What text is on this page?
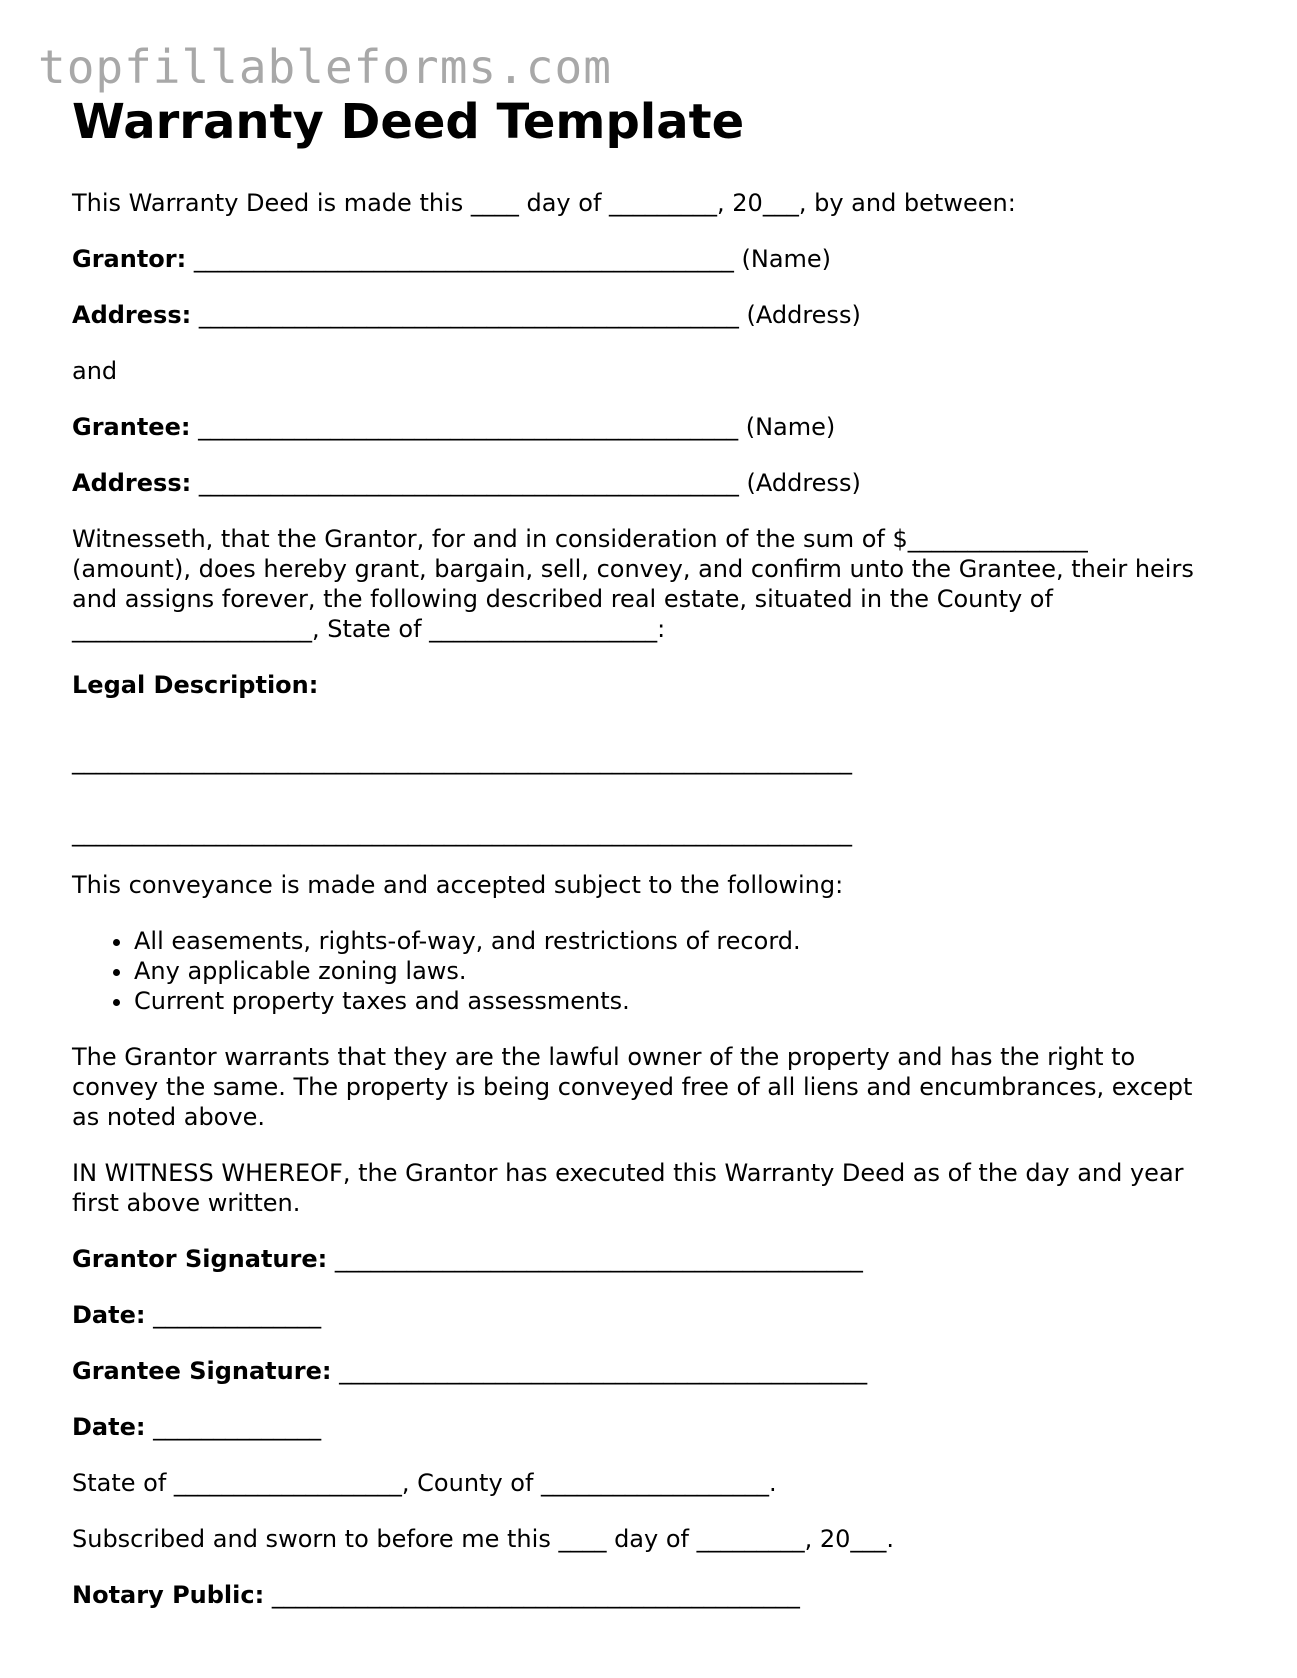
topfillableforms.com
Warranty Deed Template

This Warranty Deed is made this ____ day of _________, 20___, by and between:

Grantor: _____________________________________________ (Name)
Address: _____________________________________________ (Address)

and

Grantee: _____________________________________________ (Name)
Address: _____________________________________________ (Address)

Witnesseth, that the Grantor, for and in consideration of the sum of $_______________ (amount), does hereby grant, bargain, sell, convey, and confirm unto the Grantee, their heirs and assigns forever, the following described real estate, situated in the County of ____________________, State of ___________________:

Legal Description:
_________________________________________________________________
_________________________________________________________________

This conveyance is made and accepted subject to the following:

• All easements, rights-of-way, and restrictions of record.
• Any applicable zoning laws.
• Current property taxes and assessments.

The Grantor warrants that they are the lawful owner of the property and has the right to convey the same. The property is being conveyed free of all liens and encumbrances, except as noted above.

IN WITNESS WHEREOF, the Grantor has executed this Warranty Deed as of the day and year first above written.

Grantor Signature: ____________________________________________
Date: ______________
Grantee Signature: ____________________________________________
Date: ______________

State of ___________________, County of ___________________.

Subscribed and sworn to before me this ____ day of _________, 20___.

Notary Public: ____________________________________________
